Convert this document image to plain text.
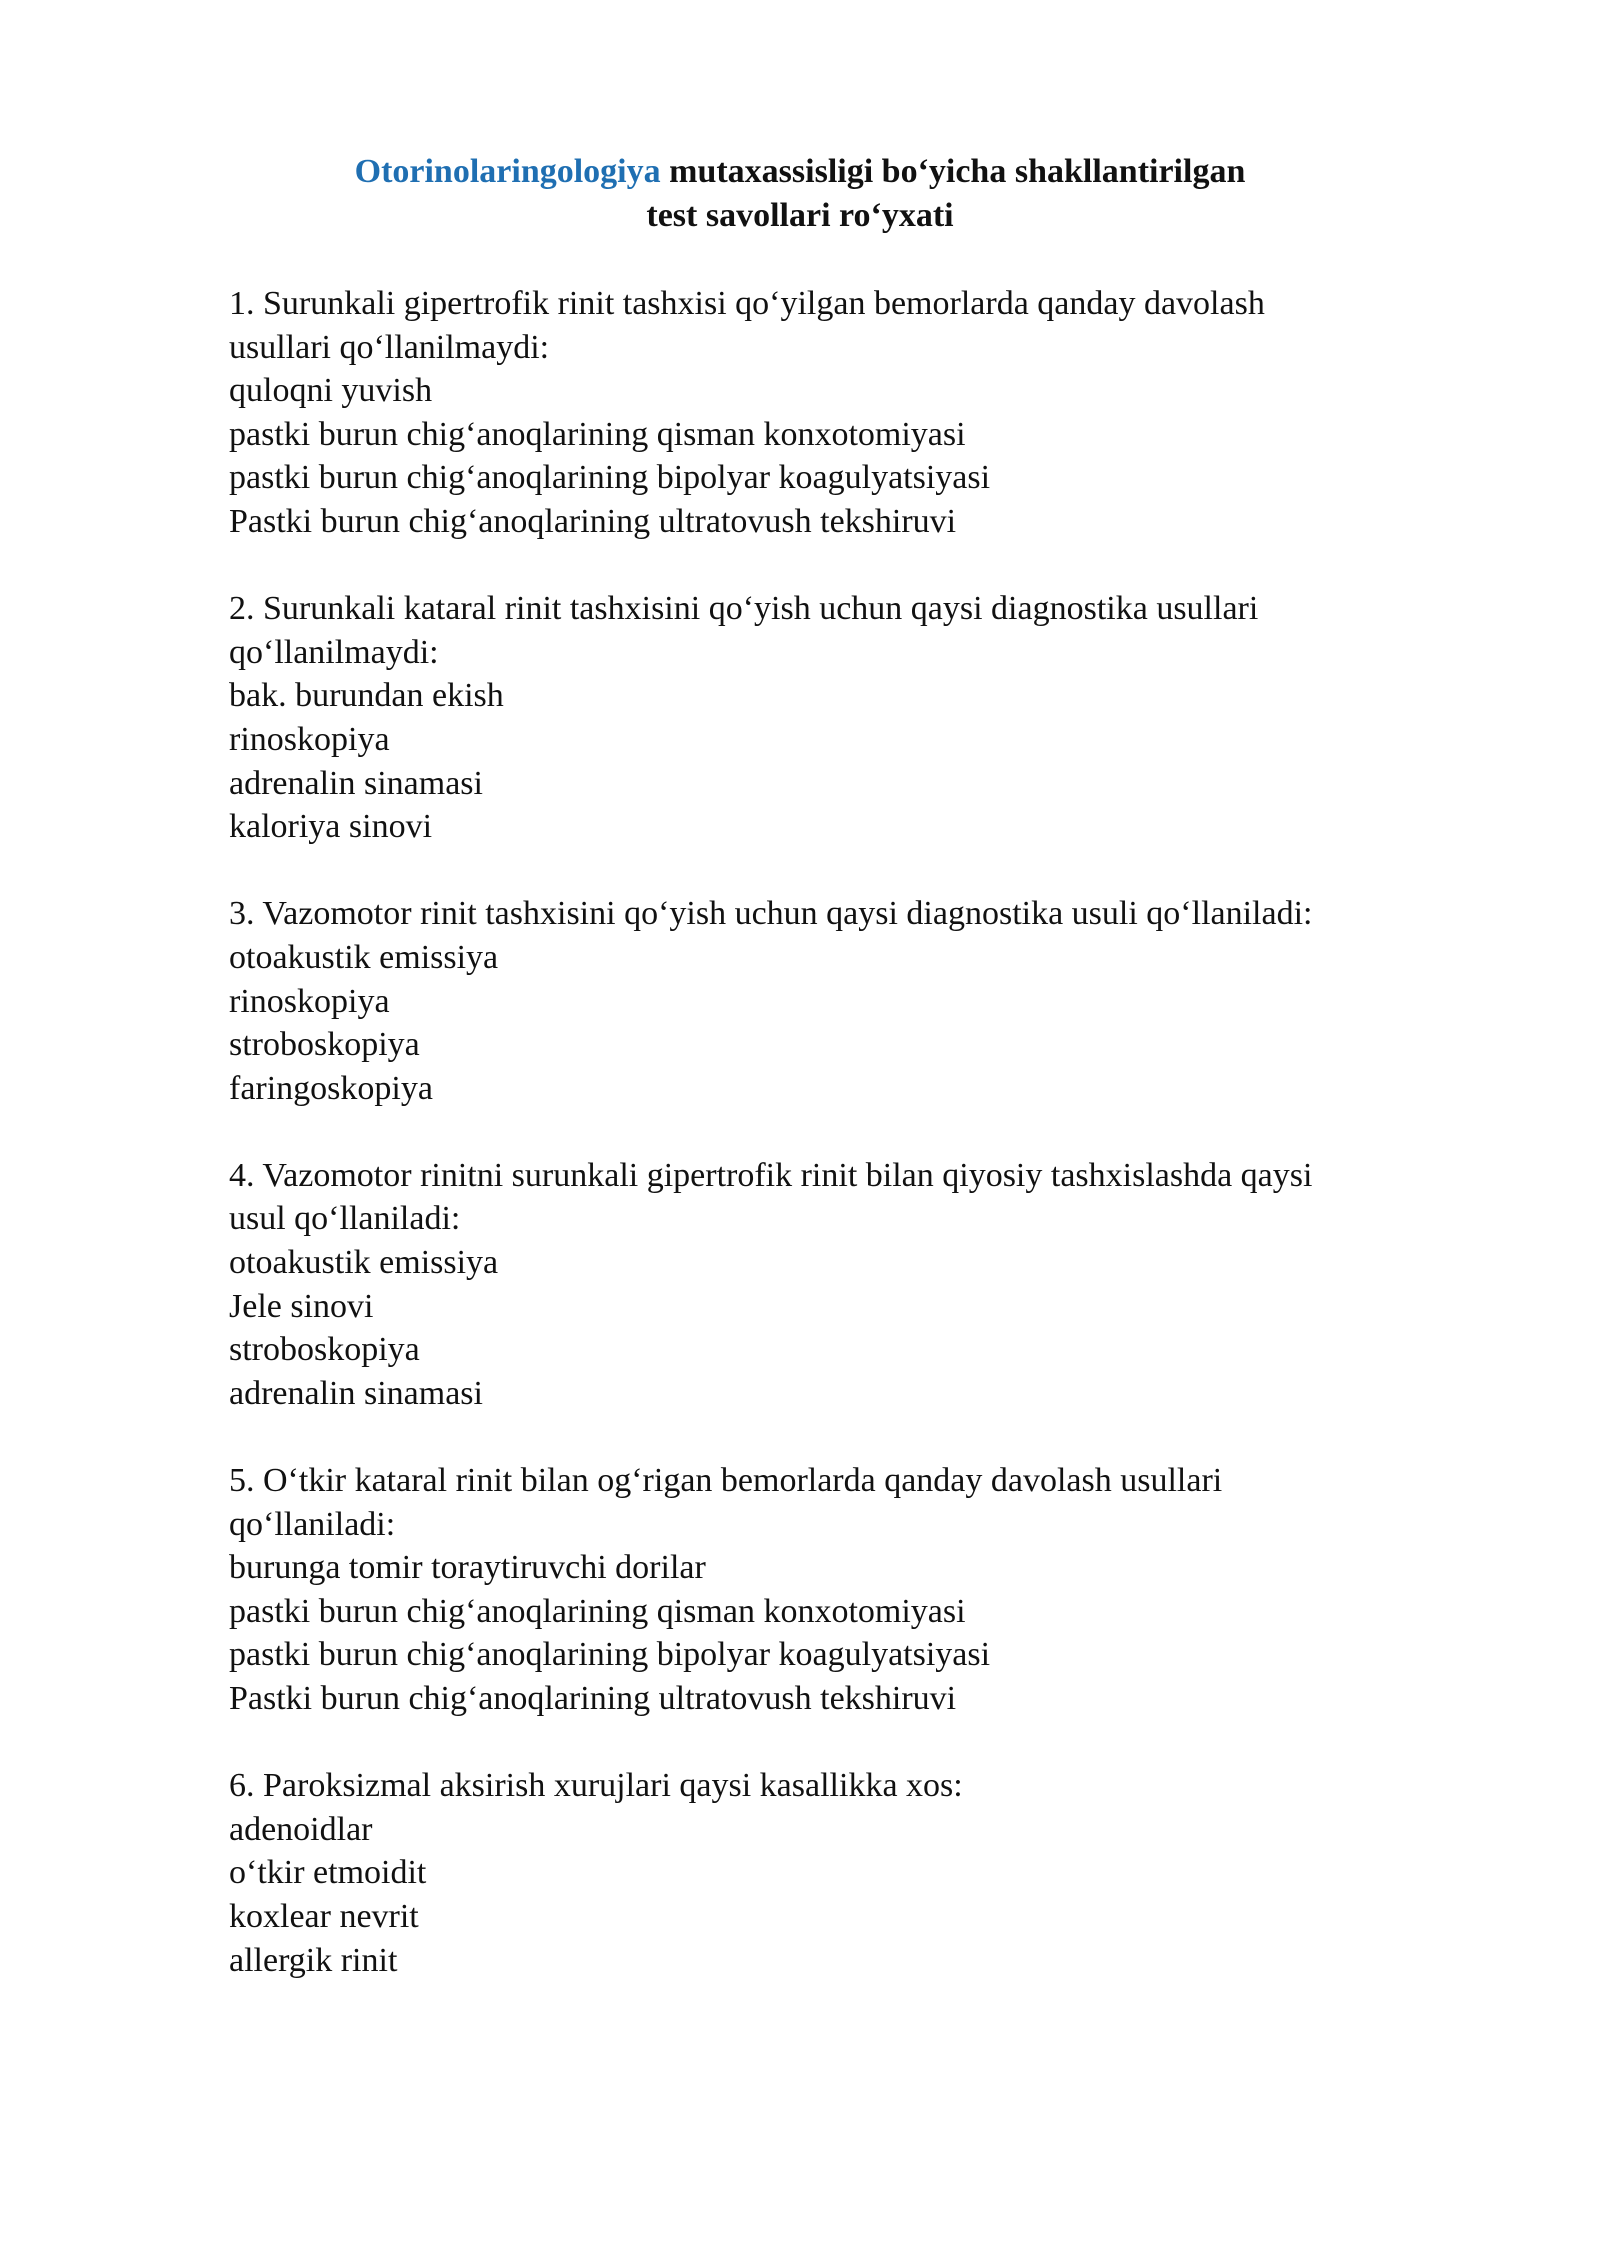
Otorinolaringologiya mutaxassisligi bo‘yicha shakllantirilgan
test savollari ro‘yxati
1. Surunkali gipertrofik rinit tashxisi qo‘yilgan bemorlarda qanday davolash
usullari qo‘llanilmaydi:
quloqni yuvish
pastki burun chig‘anoqlarining qisman konxotomiyasi
pastki burun chig‘anoqlarining bipolyar koagulyatsiyasi
Pastki burun chig‘anoqlarining ultratovush tekshiruvi
2. Surunkali kataral rinit tashxisini qo‘yish uchun qaysi diagnostika usullari
qo‘llanilmaydi:
bak. burundan ekish
rinoskopiya
adrenalin sinamasi
kaloriya sinovi
3. Vazomotor rinit tashxisini qo‘yish uchun qaysi diagnostika usuli qo‘llaniladi:
otoakustik emissiya
rinoskopiya
stroboskopiya
faringoskopiya
4. Vazomotor rinitni surunkali gipertrofik rinit bilan qiyosiy tashxislashda qaysi
usul qo‘llaniladi:
otoakustik emissiya
Jele sinovi
stroboskopiya
adrenalin sinamasi
5. O‘tkir kataral rinit bilan og‘rigan bemorlarda qanday davolash usullari
qo‘llaniladi:
burunga tomir toraytiruvchi dorilar
pastki burun chig‘anoqlarining qisman konxotomiyasi
pastki burun chig‘anoqlarining bipolyar koagulyatsiyasi
Pastki burun chig‘anoqlarining ultratovush tekshiruvi
6. Paroksizmal aksirish xurujlari qaysi kasallikka xos:
adenoidlar
o‘tkir etmoidit
koxlear nevrit
allergik rinit
